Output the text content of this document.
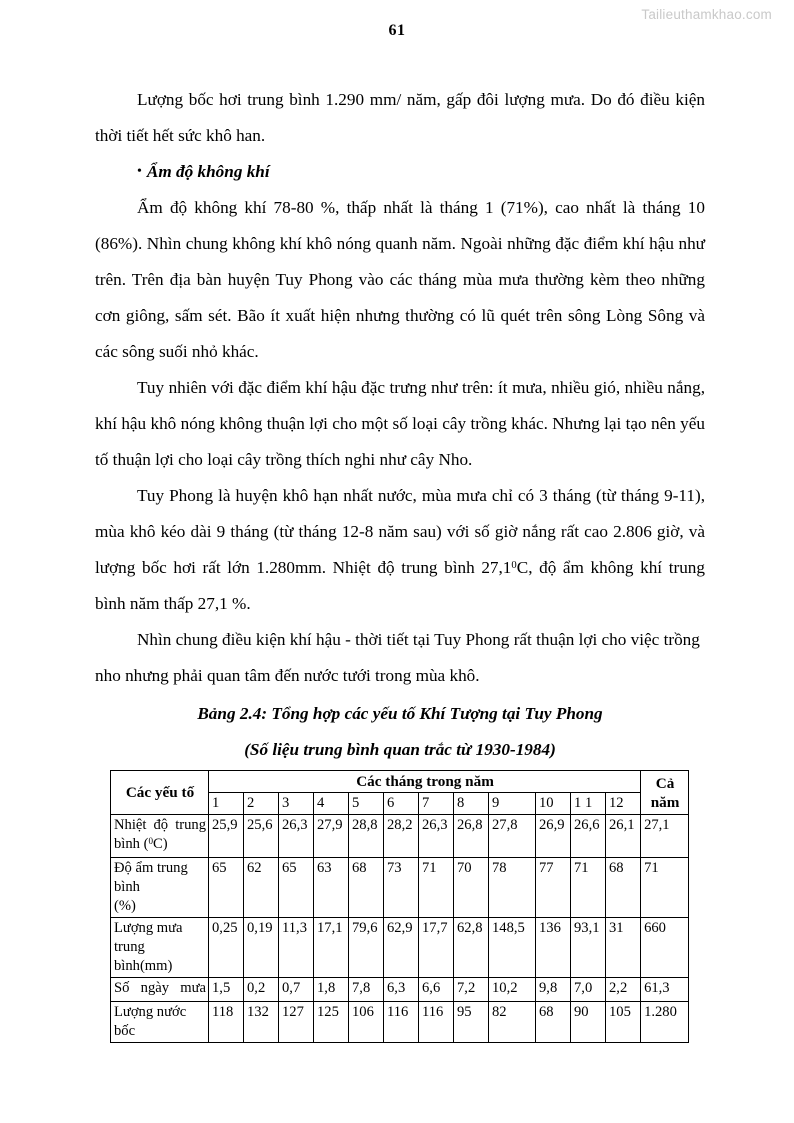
Tailieuthamkhao.com
61

Lượng bốc hơi trung bình 1.290 mm/ năm, gấp đôi lượng mưa. Do đó điều kiện thời tiết hết sức khô han.

• Ẩm độ không khí

Ẩm độ không khí 78-80 %, thấp nhất là tháng 1 (71%), cao nhất là tháng 10 (86%). Nhìn chung không khí khô nóng quanh năm. Ngoài những đặc điểm khí hậu như trên. Trên địa bàn huyện Tuy Phong vào các tháng mùa mưa thường kèm theo những cơn giông, sấm sét. Bão ít xuất hiện nhưng thường có lũ quét trên sông Lòng Sông và các sông suối nhỏ khác.

Tuy nhiên với đặc điểm khí hậu đặc trưng như trên: ít mưa, nhiều gió, nhiều nắng, khí hậu khô nóng không thuận lợi cho một số loại cây trồng khác. Nhưng lại tạo nên yếu tố thuận lợi cho loại cây trồng thích nghi như cây Nho.

Tuy Phong là huyện khô hạn nhất nước, mùa mưa chỉ có 3 tháng (từ tháng 9-11), mùa khô kéo dài 9 tháng (từ tháng 12-8 năm sau) với số giờ nắng rất cao 2.806 giờ, và lượng bốc hơi rất lớn 1.280mm. Nhiệt độ trung bình 27,1$^0$C, độ ẩm không khí trung bình năm thấp 27,1 %.

Nhìn chung điều kiện khí hậu - thời tiết tại Tuy Phong rất thuận lợi cho việc trồng nho nhưng phải quan tâm đến nước tưới trong mùa khô.

Bảng 2.4: Tổng hợp các yếu tố Khí Tượng tại Tuy Phong

(Số liệu trung bình quan trắc từ 1930-1984)

Các yếu tố	Các tháng trong năm												Cả
năm
	1	2	3	4	5	6	7	8	9	10	1 1	12	
Nhiệt độ trung
bình ($^0$C)	25,9	25,6	26,3	27,9	28,8	28,2	26,3	26,8	27,8	26,9	26,6	26,1	27,1
Độ ẩm trung bình
(%)	65	62	65	63	68	73	71	70	78	77	71	68	71
Lượng mưa trung
bình(mm)	0,25	0,19	11,3	17,1	79,6	62,9	17,7	62,8	148,5	136	93,1	31	660
Số ngày mưa	1,5	0,2	0,7	1,8	7,8	6,3	6,6	7,2	10,2	9,8	7,0	2,2	61,3
Lượng nước bốc	118	132	127	125	106	116	116	95	82	68	90	105	1.280
